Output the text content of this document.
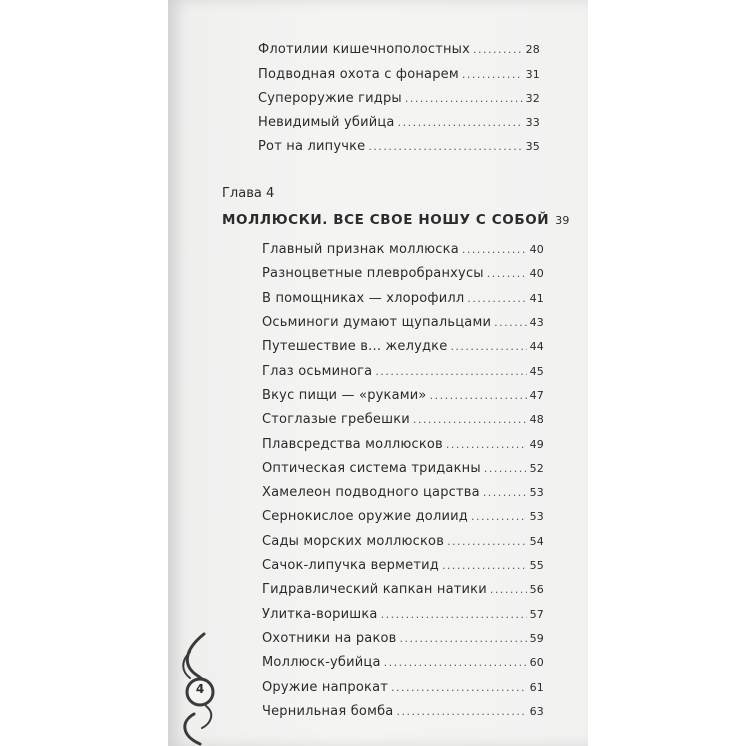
Флотилии кишечнополостных .....	28
Подводная охота с фонарем .....	31
Супероружие гидры .....	32
Невидимый убийца .....	33
Рот на липучке .....	35
Глава 4
МОЛЛЮСКИ. ВСЕ СВОЕ НОШУ С СОБОЙ 39
Главный признак моллюска .....	40
Разноцветные плевробранхусы .....	40
В помощниках — хлорофилл .....	41
Осьминоги думают щупальцами .....	43
Путешествие в... желудке .....	44
Глаз осьминога .....	45
Вкус пищи — «руками» .....	47
Стоглазые гребешки .....	48
Плавсредства моллюсков .....	49
Оптическая система тридакны .....	52
Хамелеон подводного царства .....	53
Сернокислое оружие долиид .....	53
Сады морских моллюсков .....	54
Сачок-липучка верметид .....	55
Гидравлический капкан натики .....	56
Улитка-воришка .....	57
Охотники на раков .....	59
Моллюск-убийца .....	60
Оружие напрокат .....	61
Чернильная бомба .....	63
4
